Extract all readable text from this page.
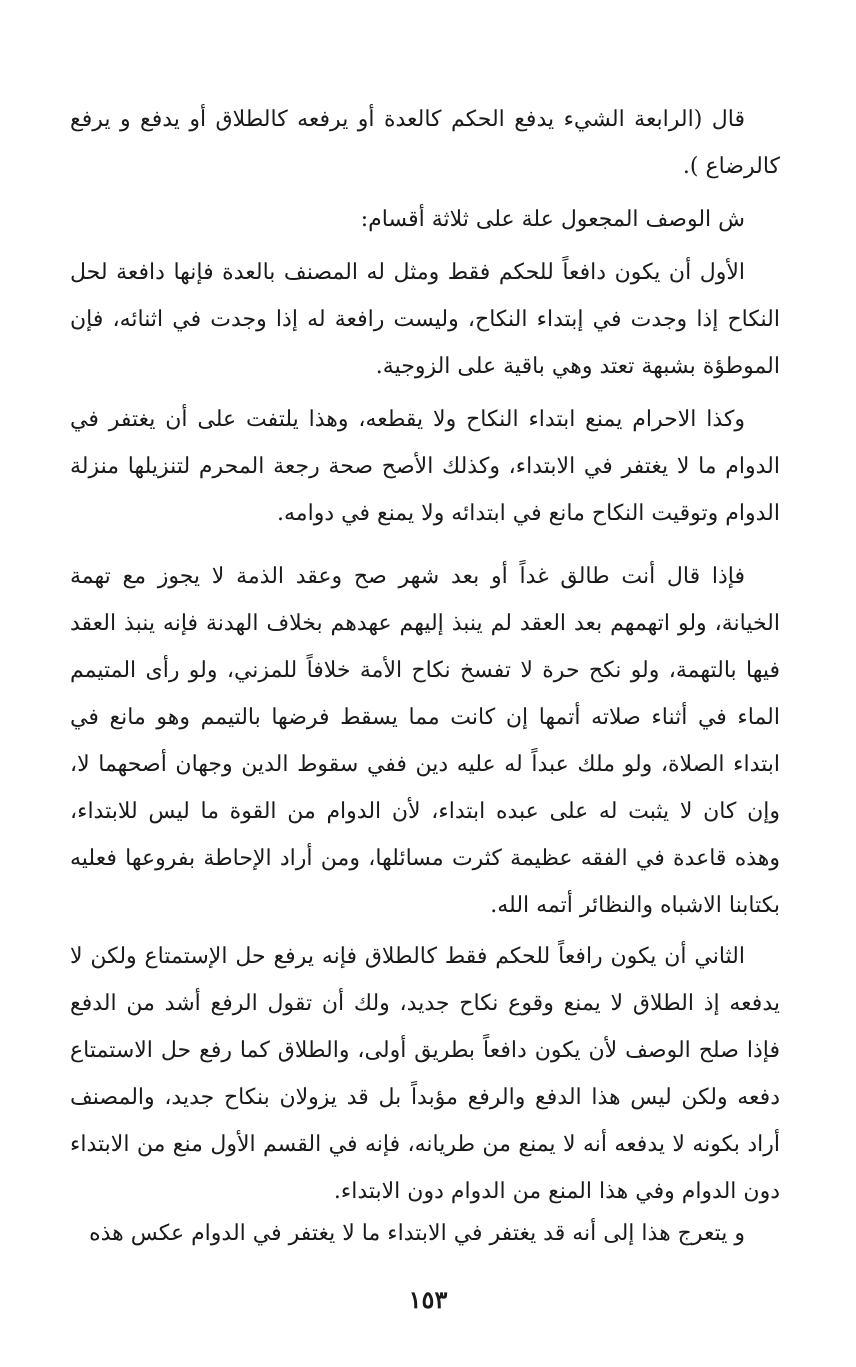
قال (الرابعة الشيء يدفع الحكم كالعدة أو يرفعه كالطلاق أو يدفع و يرفع كالرضاع ).

ش الوصف المجعول علة على ثلاثة أقسام:

الأول أن يكون دافعاً للحكم فقط ومثل له المصنف بالعدة فإنها دافعة لحل النكاح إذا وجدت في إبتداء النكاح، وليست رافعة له إذا وجدت في اثنائه، فإن الموطؤة بشبهة تعتد وهي باقية على الزوجية.

وكذا الاحرام يمنع ابتداء النكاح ولا يقطعه، وهذا يلتفت على أن يغتفر في الدوام ما لا يغتفر في الابتداء، وكذلك الأصح صحة رجعة المحرم لتنزيلها منزلة الدوام وتوقيت النكاح مانع في ابتدائه ولا يمنع في دوامه.

فإذا قال أنت طالق غداً أو بعد شهر صح وعقد الذمة لا يجوز مع تهمة الخيانة، ولو اتهمهم بعد العقد لم ينبذ إليهم عهدهم بخلاف الهدنة فإنه ينبذ العقد فيها بالتهمة، ولو نكح حرة لا تفسخ نكاح الأمة خلافاً للمزني، ولو رأى المتيمم الماء في أثناء صلاته أتمها إن كانت مما يسقط فرضها بالتيمم وهو مانع في ابتداء الصلاة، ولو ملك عبداً له عليه دين ففي سقوط الدين وجهان أصحهما لا، وإن كان لا يثبت له على عبده ابتداء، لأن الدوام من القوة ما ليس للابتداء، وهذه قاعدة في الفقه عظيمة كثرت مسائلها، ومن أراد الإحاطة بفروعها فعليه بكتابنا الاشباه والنظائر أتمه الله.

الثاني أن يكون رافعاً للحكم فقط كالطلاق فإنه يرفع حل الإستمتاع ولكن لا يدفعه إذ الطلاق لا يمنع وقوع نكاح جديد، ولك أن تقول الرفع أشد من الدفع فإذا صلح الوصف لأن يكون دافعاً بطريق أولى، والطلاق كما رفع حل الاستمتاع دفعه ولكن ليس هذا الدفع والرفع مؤبداً بل قد يزولان بنكاح جديد، والمصنف أراد بكونه لا يدفعه أنه لا يمنع من طريانه، فإنه في القسم الأول منع من الابتداء دون الدوام وفي هذا المنع من الدوام دون الابتداء.

و يتعرج هذا إلى أنه قد يغتفر في الابتداء ما لا يغتفر في الدوام عكس هذه

١٥٣
